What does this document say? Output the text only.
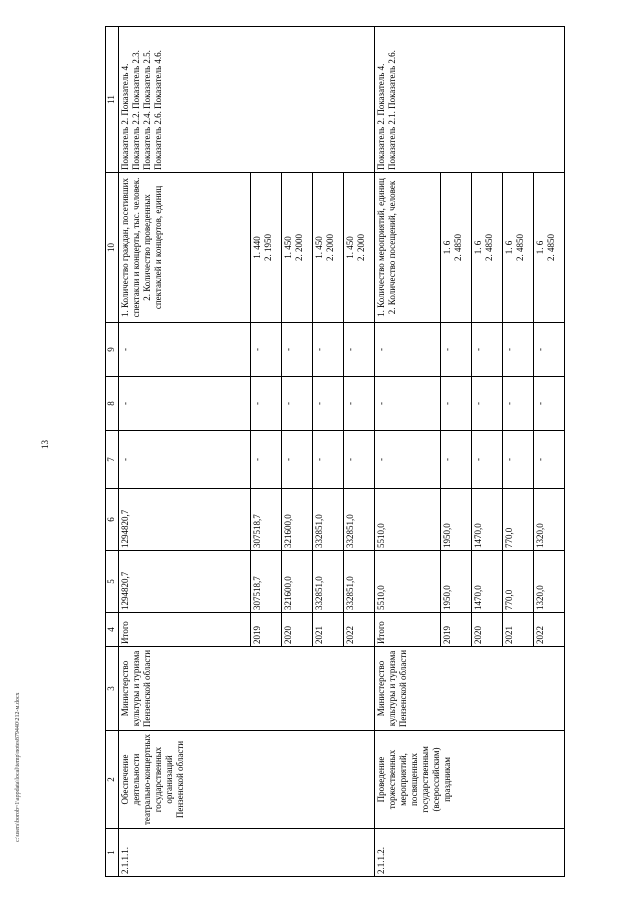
13
c:\users\borob~1\appdata\local\temp\notes879440\212-м.docx
1	2	3	4	5	6	7	8	9	10	11
2.1.1.1.	Обеспечение деятельности театрально-концертных государственных организаций Пензенской области	Министерство культуры и туризма Пензенской области	Итого	1294820,7	1294820,7	-	-	-	1. Количество граждан, посетивших спектакли и концерты, тыс. человек. 2. Количество проведенных спектаклей и концертов, единиц	Показатель 2. Показатель 4. Показатель 2.2. Показатель 2.3. Показатель 2.4. Показатель 2.5. Показатель 2.6. Показатель 4.6.
			2019	307518,7	307518,7	-	-	-	1. 440 2. 1950	

			2020	321600,0	321600,0	-	-	-	1. 450 2. 2000	

			2021	332851,0	332851,0	-	-	-	1. 450 2. 2000	

			2022	332851,0	332851,0	-	-	-	1. 450 2. 2000	

2.1.1.2.	Проведение торжественных мероприятий, посвященных государственным (всероссийским) праздникам	Министерство культуры и туризма Пензенской области	Итого	5510,0	5510,0	-	-	-	1. Количество мероприятий, единиц 2. Количество посещений, человек	Показатель 2. Показатель 4. Показатель 2.1. Показатель 2.6.
			2019	1950,0	1950,0	-	-	-	1. 6 2. 4850	

			2020	1470,0	1470,0	-	-	-	1. 6 2. 4850	

			2021	770,0	770,0	-	-	-	1. 6 2. 4850	

			2022	1320,0	1320,0	-	-	-	1. 6 2. 4850	
